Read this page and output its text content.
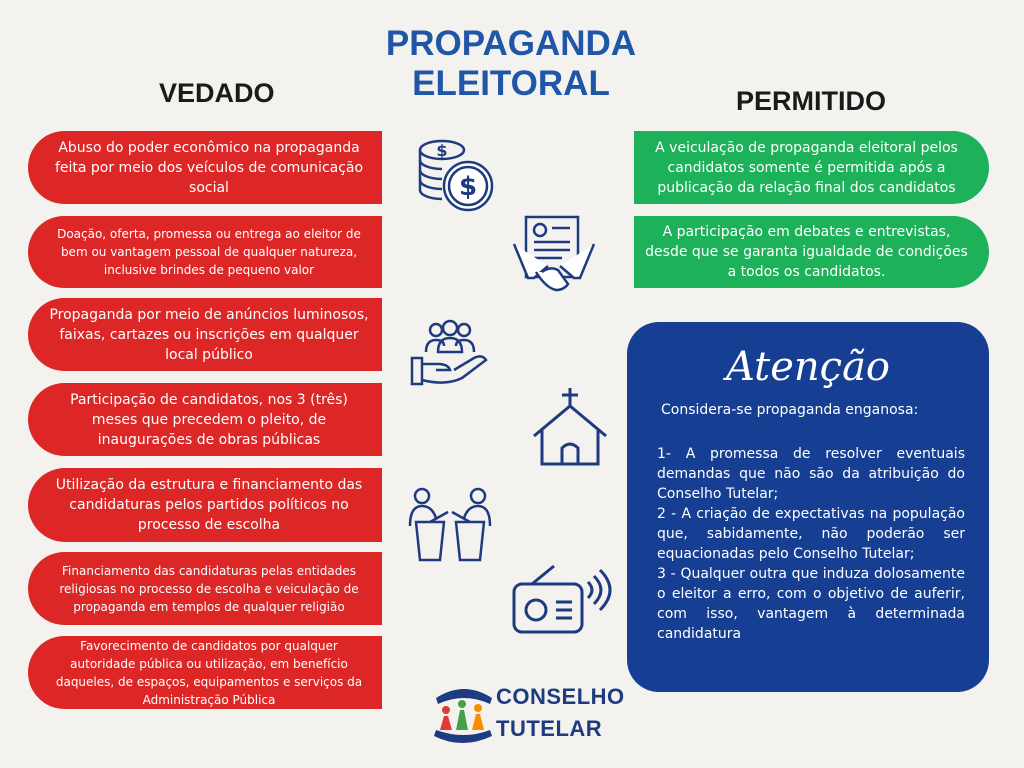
PROPAGANDA
ELEITORAL
VEDADO	PERMITIDO
Abuso do poder econômico na propaganda feita por meio dos veículos de comunicação social
Doação, oferta, promessa ou entrega ao eleitor de bem ou vantagem pessoal de qualquer natureza, inclusive brindes de pequeno valor
Propaganda por meio de anúncios luminosos, faixas, cartazes ou inscrições em qualquer local público
Participação de candidatos, nos 3 (três) meses que precedem o pleito, de inaugurações de obras públicas
Utilização da estrutura e financiamento das candidaturas pelos partidos políticos no processo de escolha
Financiamento das candidaturas pelas entidades religiosas no processo de escolha e veiculação de propaganda em templos de qualquer religião
Favorecimento de candidatos por qualquer autoridade pública ou utilização, em benefício daqueles, de espaços, equipamentos e serviços da Administração Pública
A veiculação de propaganda eleitoral pelos candidatos somente é permitida após a publicação da relação final dos candidatos
A participação em debates e entrevistas, desde que se garanta igualdade de condições a todos os candidatos.
Atenção
Considera-se propaganda enganosa:

1- A promessa de resolver eventuais demandas que não são da atribuição do Conselho Tutelar;

2 - A criação de expectativas na população que, sabidamente, não poderão ser equacionadas pelo Conselho Tutelar;

3 - Qualquer outra que induza dolosamente o eleitor a erro, com o objetivo de auferir, com isso, vantagem à determinada candidatura

$
$
CONSELHO
TUTELAR
